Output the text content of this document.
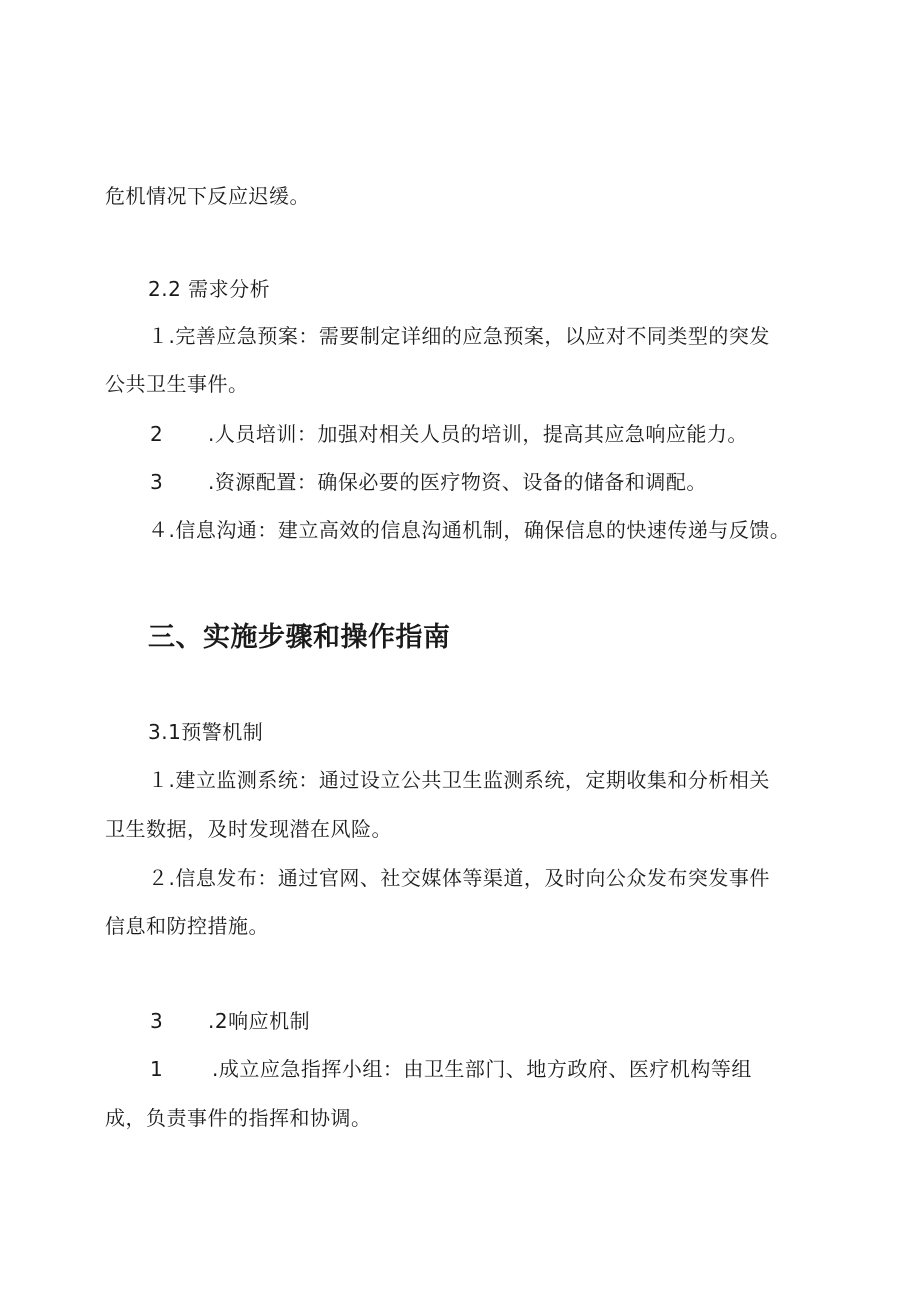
危机情况下反应迟缓。
2.2 需求分析
１.完善应急预案：需要制定详细的应急预案，以应对不同类型的突发
公共卫生事件。
2 .人员培训：加强对相关人员的培训，提高其应急响应能力。
3 .资源配置：确保必要的医疗物资、设备的储备和调配。
４.信息沟通：建立高效的信息沟通机制，确保信息的快速传递与反馈。
三、实施步骤和操作指南
3.1预警机制
１.建立监测系统：通过设立公共卫生监测系统，定期收集和分析相关
卫生数据，及时发现潜在风险。
２.信息发布：通过官网、社交媒体等渠道，及时向公众发布突发事件
信息和防控措施。
3 .2响应机制
1 .成立应急指挥小组：由卫生部门、地方政府、医疗机构等组
成，负责事件的指挥和协调。
